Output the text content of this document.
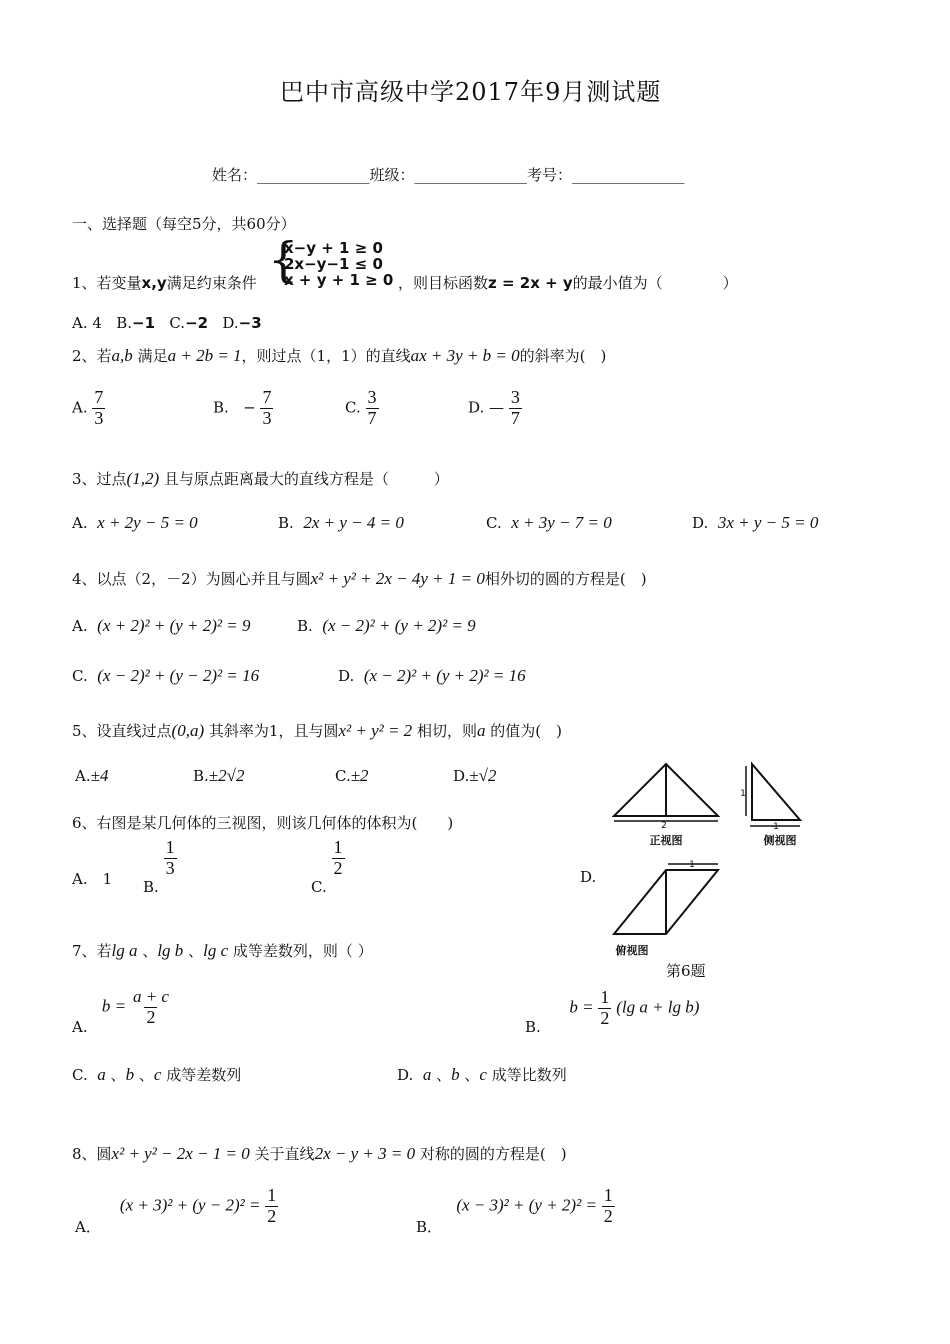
巴中市高级中学2017年9月测试题
姓名：_______________班级：_______________考号：_______________
一、选择题（每空5分，共60分）
1、若变量x,y满足约束条件 {
x−y + 1 ≥ 0
2x−y−1 ≤ 0
x + y + 1 ≥ 0 ，则目标函数z = 2x + y的最小值为（　　　　）
A. 4 B.−1 C.−2 D.−3
2、若a,b 满足a + 2b = 1，则过点（1，1）的直线ax + 3y + b = 0的斜率为(　)
A. $\frac{7}{3}$	B. − $\frac{7}{3}$	C. $\frac{3}{7}$	D. — $\frac{3}{7}$
3、过点(1,2) 且与原点距离最大的直线方程是（　　　）
A. x + 2y − 5 = 0	B. 2x + y − 4 = 0	C. x + 3y − 7 = 0	D. 3x + y − 5 = 0
4、以点（2，－2）为圆心并且与圆x² + y² + 2x − 4y + 1 = 0相外切的圆的方程是(　)
A. (x + 2)² + (y + 2)² = 9	B. (x − 2)² + (y + 2)² = 9
C. (x − 2)² + (y − 2)² = 16	D. (x − 2)² + (y + 2)² = 16
5、设直线过点(0,a) 其斜率为1，且与圆x² + y² = 2 相切，则a 的值为(　)
A.±4	B.±2√2	C.±2	D.±√2
6、右图是某几何体的三视图，则该几何体的体积为(　　)
A.　1 B.
$\frac{1}{3}$
C.
$\frac{1}{2}$	D.
2
正视图
1
1
侧视图
1
俯视图
第6题
7、若lg a 、lg b 、lg c 成等差数列，则（ ）
A.   $b = \frac{a + c}{2}$	B.      $b = \frac{1}{2} (\lg$ a + lg b)
C. a 、b 、c 成等差数列	D. a 、b 、c 成等比数列
8、圆x² + y² − 2x − 1 = 0 关于直线2x − y + 3 = 0 对称的圆的方程是(　)
A．    $(x + 3)^2 + (y - 2)^2 = \frac{1}{2}$
B．   $(x - 3)^2 + (y + 2)^2 = \frac{1}{2}$
